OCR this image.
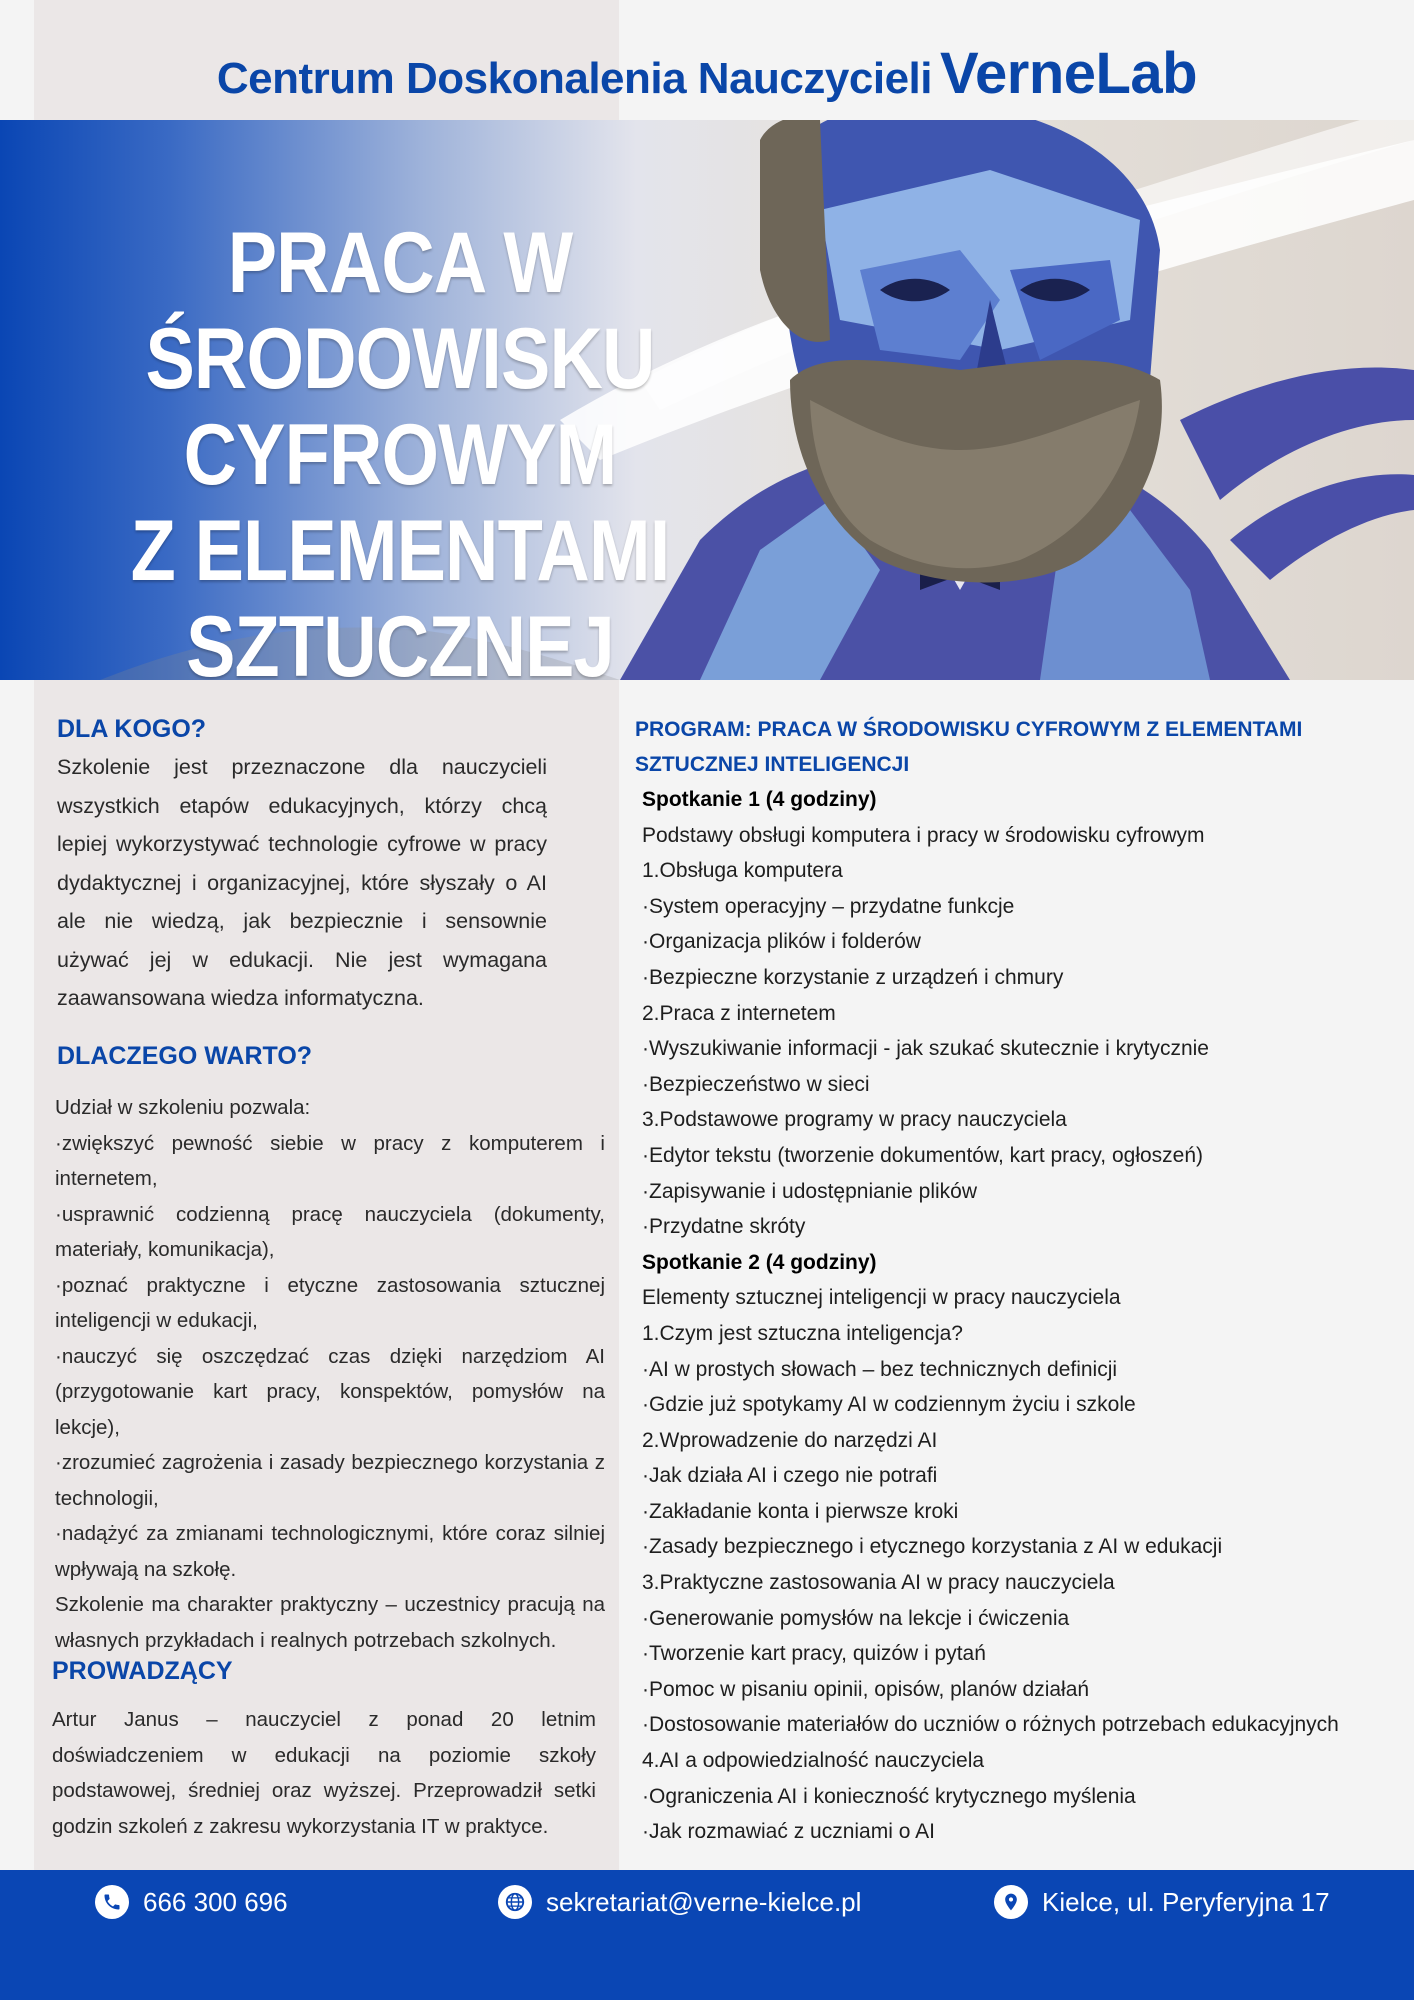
Centrum Doskonalenia Nauczycieli VerneLab
PRACA W ŚRODOWISKU
CYFROWYM
Z ELEMENTAMI
SZTUCZNEJ
DLA KOGO?
Szkolenie jest przeznaczone dla nauczycieli wszystkich etapów edukacyjnych, którzy chcą lepiej wykorzystywać technologie cyfrowe w pracy dydaktycznej i organizacyjnej, które słyszały o AI ale nie wiedzą, jak bezpiecznie i sensownie używać jej w edukacji. Nie jest wymagana zaawansowana wiedza informatyczna.
DLACZEGO WARTO?
Udział w szkoleniu pozwala:
·zwiększyć pewność siebie w pracy z komputerem i internetem,
·usprawnić codzienną pracę nauczyciela (dokumenty, materiały, komunikacja),
·poznać praktyczne i etyczne zastosowania sztucznej inteligencji w edukacji,
·nauczyć się oszczędzać czas dzięki narzędziom AI (przygotowanie kart pracy, konspektów, pomysłów na lekcje),
·zrozumieć zagrożenia i zasady bezpiecznego korzystania z technologii,
·nadążyć za zmianami technologicznymi, które coraz silniej wpływają na szkołę.
Szkolenie ma charakter praktyczny – uczestnicy pracują na własnych przykładach i realnych potrzebach szkolnych.
PROWADZĄCY
Artur Janus – nauczyciel z ponad 20 letnim doświadczeniem w edukacji na poziomie szkoły podstawowej, średniej oraz wyższej. Przeprowadził setki godzin szkoleń z zakresu wykorzystania IT w praktyce.
PROGRAM: PRACA W ŚRODOWISKU CYFROWYM Z ELEMENTAMI SZTUCZNEJ INTELIGENCJI
Spotkanie 1 (4 godziny)
Podstawy obsługi komputera i pracy w środowisku cyfrowym
1.Obsługa komputera
·System operacyjny – przydatne funkcje
·Organizacja plików i folderów
·Bezpieczne korzystanie z urządzeń i chmury
2.Praca z internetem
·Wyszukiwanie informacji - jak szukać skutecznie i krytycznie
·Bezpieczeństwo w sieci
3.Podstawowe programy w pracy nauczyciela
·Edytor tekstu (tworzenie dokumentów, kart pracy, ogłoszeń)
·Zapisywanie i udostępnianie plików
·Przydatne skróty
Spotkanie 2 (4 godziny)
Elementy sztucznej inteligencji w pracy nauczyciela
1.Czym jest sztuczna inteligencja?
·AI w prostych słowach – bez technicznych definicji
·Gdzie już spotykamy AI w codziennym życiu i szkole
2.Wprowadzenie do narzędzi AI
·Jak działa AI i czego nie potrafi
·Zakładanie konta i pierwsze kroki
·Zasady bezpiecznego i etycznego korzystania z AI w edukacji
3.Praktyczne zastosowania AI w pracy nauczyciela
·Generowanie pomysłów na lekcje i ćwiczenia
·Tworzenie kart pracy, quizów i pytań
·Pomoc w pisaniu opinii, opisów, planów działań
·Dostosowanie materiałów do uczniów o różnych potrzebach edukacyjnych
4.AI a odpowiedzialność nauczyciela
·Ograniczenia AI i konieczność krytycznego myślenia
·Jak rozmawiać z uczniami o AI
666 300 696	sekretariat@verne-kielce.pl	Kielce, ul. Peryferyjna 17
